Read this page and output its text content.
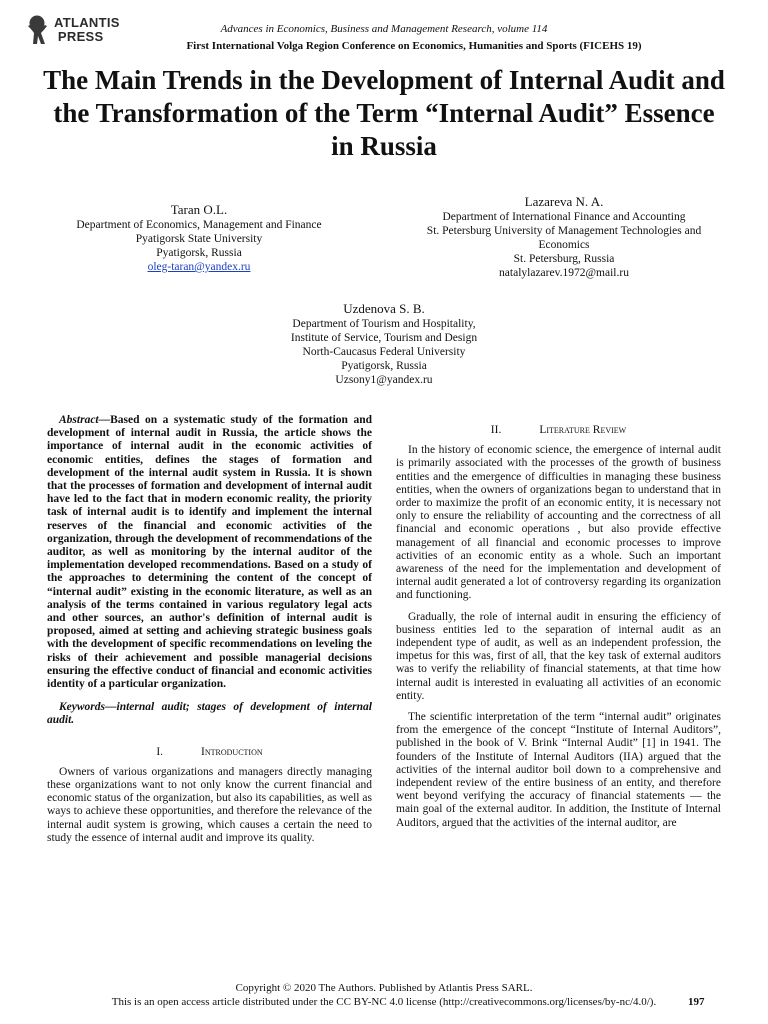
ATLANTIS
PRESS	Advances in Economics, Business and Management Research, volume 114
First International Volga Region Conference on Economics, Humanities and Sports (FICEHS 19)
The Main Trends in the Development of Internal Audit and the Transformation of the Term “Internal Audit” Essence in Russia
Taran O.L.
Department of Economics, Management and Finance
Pyatigorsk State University
Pyatigorsk, Russia
oleg-taran@yandex.ru
Lazareva N. A.
Department of International Finance and Accounting
St. Petersburg University of Management Technologies and
Economics
St. Petersburg, Russia
natalylazarev.1972@mail.ru
Uzdenova S. B.
Department of Tourism and Hospitality,
Institute of Service, Tourism and Design
North-Caucasus Federal University
Pyatigorsk, Russia
Uzsony1@yandex.ru

Abstract—Based on a systematic study of the formation and development of internal audit in Russia, the article shows the importance of internal audit in the economic activities of economic entities, defines the stages of formation and development of the internal audit system in Russia. It is shown that the processes of formation and development of internal audit have led to the fact that in modern economic reality, the priority task of internal audit is to identify and implement the internal reserves of the financial and economic activities of the organization, through the development of recommendations of the auditor, as well as monitoring by the internal auditor of the implementation developed recommendations. Based on a study of the approaches to determining the content of the concept of “internal audit” existing in the economic literature, as well as an analysis of the terms contained in various regulatory legal acts and other sources, an author's definition of internal audit is proposed, aimed at setting and achieving strategic business goals with the development of specific recommendations on leveling the risks of their achievement and possible managerial decisions ensuring the effective conduct of financial and economic activities identity of a particular organization.

Keywords—internal audit; stages of development of internal audit.

I.	Introduction

Owners of various organizations and managers directly managing these organizations want to not only know the current financial and economic status of the organization, but also its capabilities, as well as ways to achieve these opportunities, and therefore the relevance of the internal audit system is growing, which causes a certain the need to study the essence of internal audit and improve its quality.

II.	Literature Review

In the history of economic science, the emergence of internal audit is primarily associated with the processes of the growth of business entities and the emergence of difficulties in managing these business entities, when the owners of organizations began to understand that in order to maximize the profit of an economic entity, it is necessary not only to ensure the reliability of accounting and the correctness of all financial and economic operations , but also provide effective management of all financial and economic processes to improve activities of an economic entity as a whole. Such an important awareness of the need for the implementation and development of internal audit generated a lot of controversy regarding its organization and functioning.

Gradually, the role of internal audit in ensuring the efficiency of business entities led to the separation of internal audit as an independent type of audit, as well as an independent profession, the impetus for this was, first of all, that the key task of external auditors was to verify the reliability of financial statements, at that time how internal audit is interested in evaluating all activities of an economic entity.

The scientific interpretation of the term “internal audit” originates from the emergence of the concept “Institute of Internal Auditors”, published in the book of V. Brink “Internal Audit” [1] in 1941. The founders of the Institute of Internal Auditors (IIA) argued that the activities of the internal auditor boil down to a comprehensive and independent review of the entire business of an entity, and therefore went beyond verifying the accuracy of financial statements — the main goal of the external auditor. In addition, the Institute of Internal Auditors, argued that the activities of the internal auditor, are

Copyright © 2020 The Authors. Published by Atlantis Press SARL.
This is an open access article distributed under the CC BY-NC 4.0 license (http://creativecommons.org/licenses/by-nc/4.0/).	197
